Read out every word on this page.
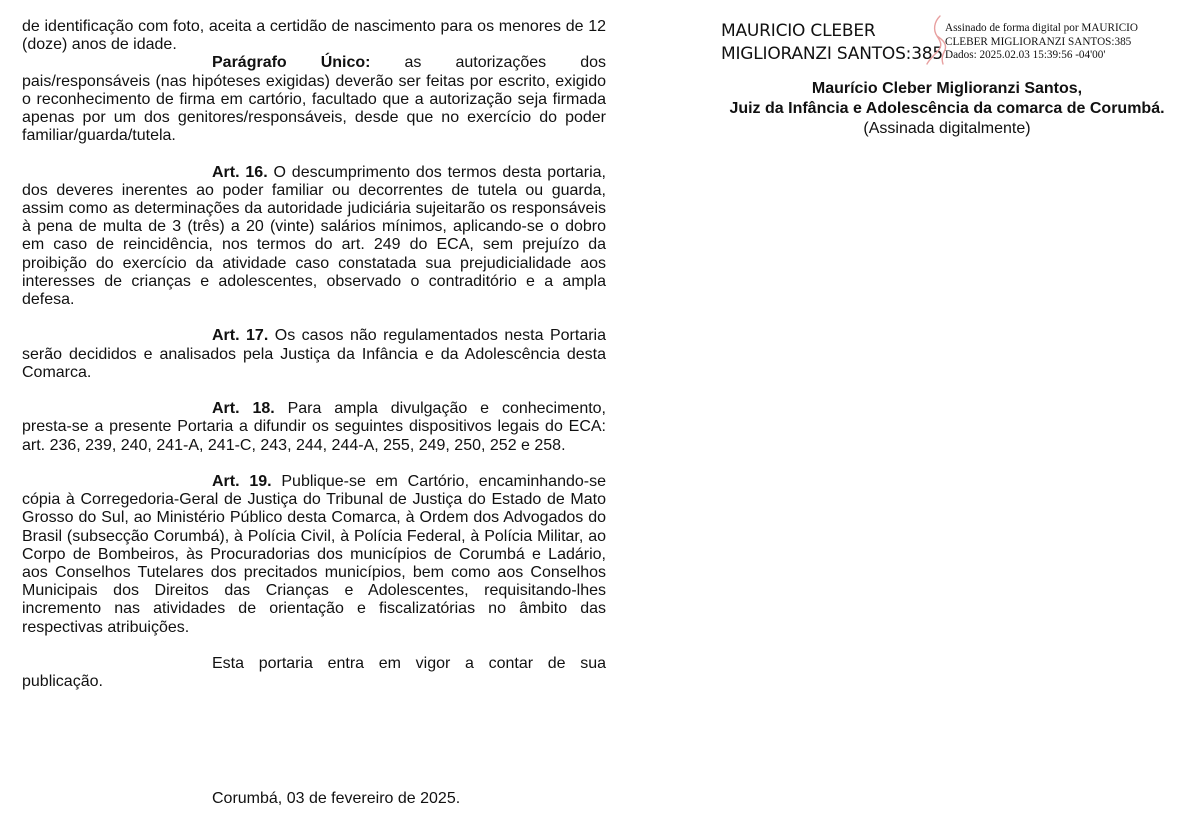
de identificação com foto, aceita a certidão de nascimento para os menores de 12 (doze) anos de idade.

Parágrafo Único: as autorizações dos pais/responsáveis (nas hipóteses exigidas) deverão ser feitas por escrito, exigido o reconhecimento de firma em cartório, facultado que a autorização seja firmada apenas por um dos genitores/responsáveis, desde que no exercício do poder familiar/guarda/tutela.

Art. 16. O descumprimento dos termos desta portaria, dos deveres inerentes ao poder familiar ou decorrentes de tutela ou guarda, assim como as determinações da autoridade judiciária sujeitarão os responsáveis à pena de multa de 3 (três) a 20 (vinte) salários mínimos, aplicando-se o dobro em caso de reincidência, nos termos do art. 249 do ECA, sem prejuízo da proibição do exercício da atividade caso constatada sua prejudicialidade aos interesses de crianças e adolescentes, observado o contraditório e a ampla defesa.

Art. 17. Os casos não regulamentados nesta Portaria serão decididos e analisados pela Justiça da Infância e da Adolescência desta Comarca.

Art. 18. Para ampla divulgação e conhecimento, presta-se a presente Portaria a difundir os seguintes dispositivos legais do ECA: art. 236, 239, 240, 241-A, 241-C, 243, 244, 244-A, 255, 249, 250, 252 e 258.

Art. 19. Publique-se em Cartório, encaminhando-se cópia à Corregedoria-Geral de Justiça do Tribunal de Justiça do Estado de Mato Grosso do Sul, ao Ministério Público desta Comarca, à Ordem dos Advogados do Brasil (subsecção Corumbá), à Polícia Civil, à Polícia Federal, à Polícia Militar, ao Corpo de Bombeiros, às Procuradorias dos municípios de Corumbá e Ladário, aos Conselhos Tutelares dos precitados municípios, bem como aos Conselhos Municipais dos Direitos das Crianças e Adolescentes, requisitando-lhes incremento nas atividades de orientação e fiscalizatórias no âmbito das respectivas atribuições.

Esta portaria entra em vigor a contar de sua publicação.

Corumbá, 03 de fevereiro de 2025.
MAURICIO CLEBER
MIGLIORANZI SANTOS:385
Assinado de forma digital por MAURICIO
CLEBER MIGLIORANZI SANTOS:385
Dados: 2025.02.03 15:39:56 -04'00'
Maurício Cleber Miglioranzi Santos,
Juiz da Infância e Adolescência da comarca de Corumbá.
(Assinada digitalmente)
